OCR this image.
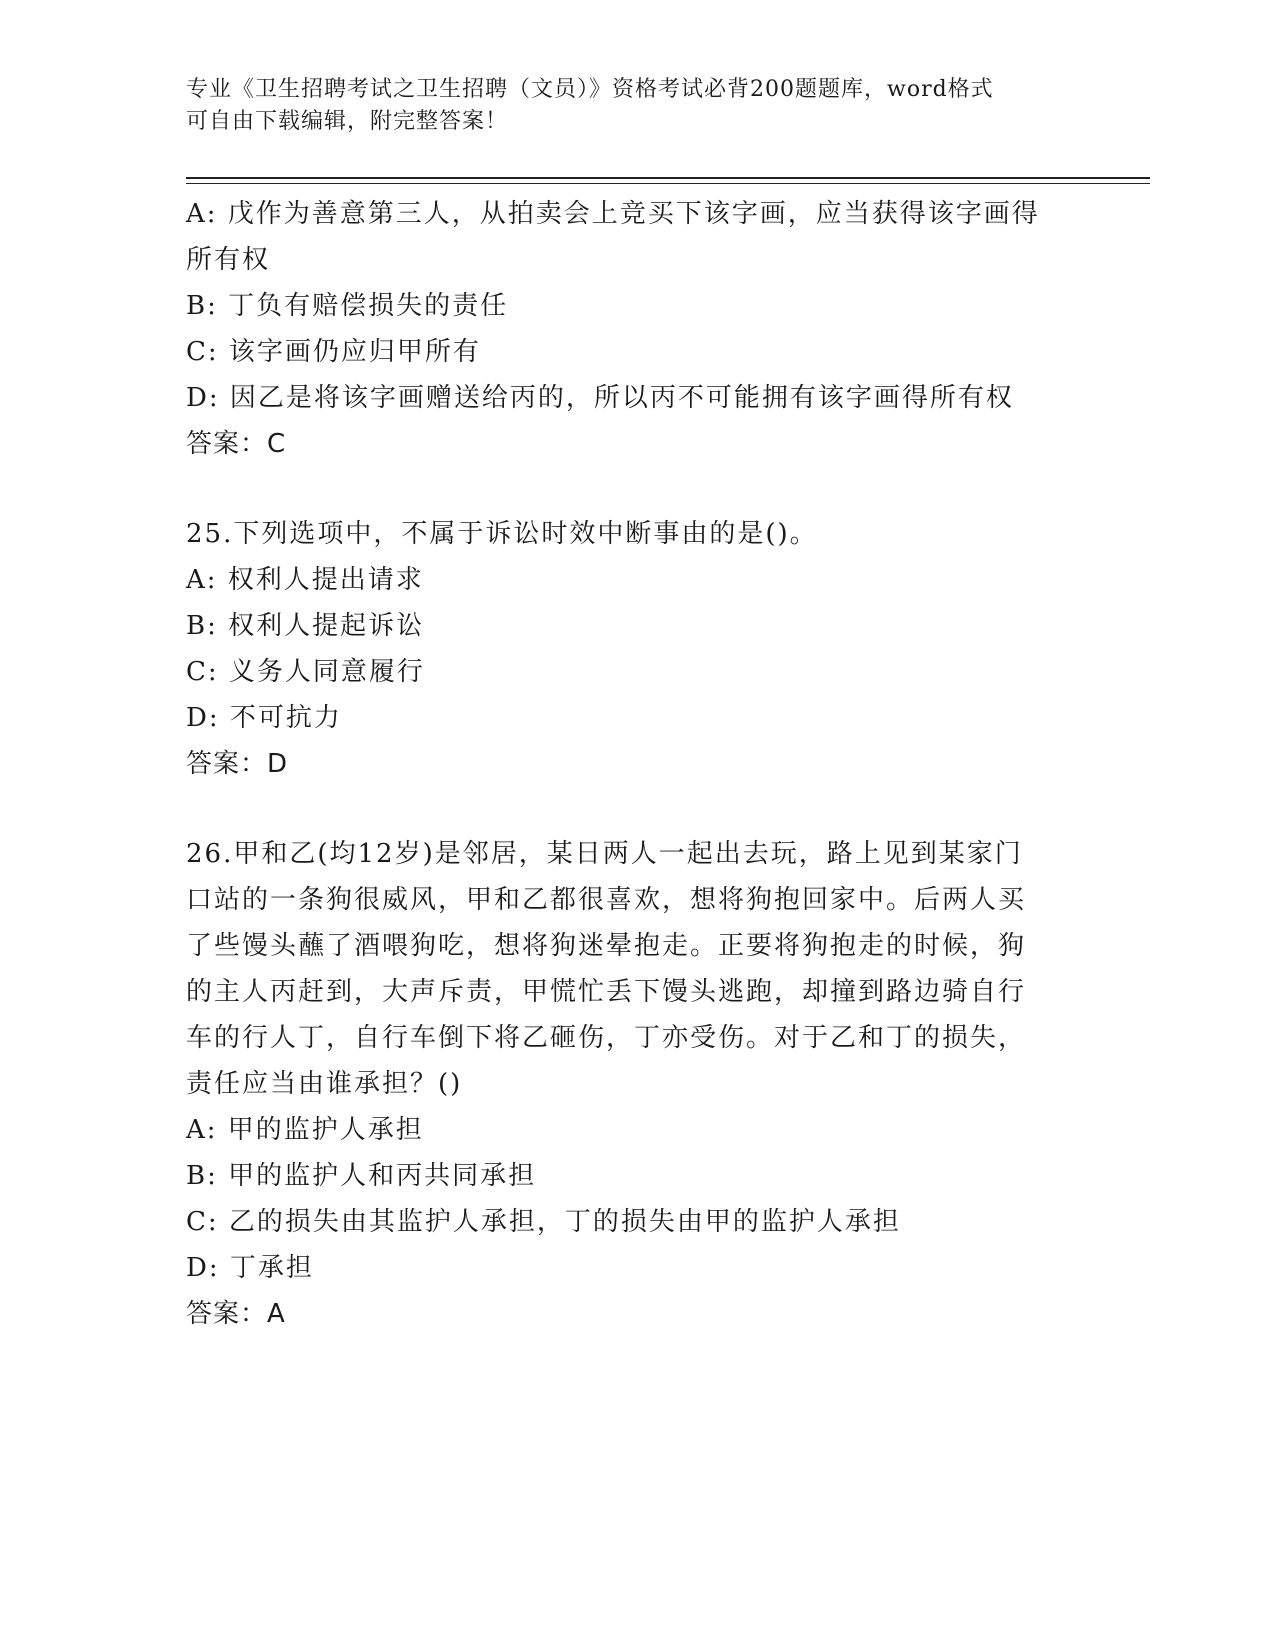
专业《卫生招聘考试之卫生招聘（文员）》资格考试必背200题题库，word格式
可自由下载编辑，附完整答案！
A: 戊作为善意第三人，从拍卖会上竞买下该字画，应当获得该字画得
所有权
B: 丁负有赔偿损失的责任
C: 该字画仍应归甲所有
D: 因乙是将该字画赠送给丙的，所以丙不可能拥有该字画得所有权
答案：C
25.下列选项中，不属于诉讼时效中断事由的是()。
A: 权利人提出请求
B: 权利人提起诉讼
C: 义务人同意履行
D: 不可抗力
答案：D
26.甲和乙(均12岁)是邻居，某日两人一起出去玩，路上见到某家门
口站的一条狗很威风，甲和乙都很喜欢，想将狗抱回家中。后两人买
了些馒头蘸了酒喂狗吃，想将狗迷晕抱走。正要将狗抱走的时候，狗
的主人丙赶到，大声斥责，甲慌忙丢下馒头逃跑，却撞到路边骑自行
车的行人丁，自行车倒下将乙砸伤，丁亦受伤。对于乙和丁的损失，
责任应当由谁承担？()
A: 甲的监护人承担
B: 甲的监护人和丙共同承担
C: 乙的损失由其监护人承担，丁的损失由甲的监护人承担
D: 丁承担
答案：A
